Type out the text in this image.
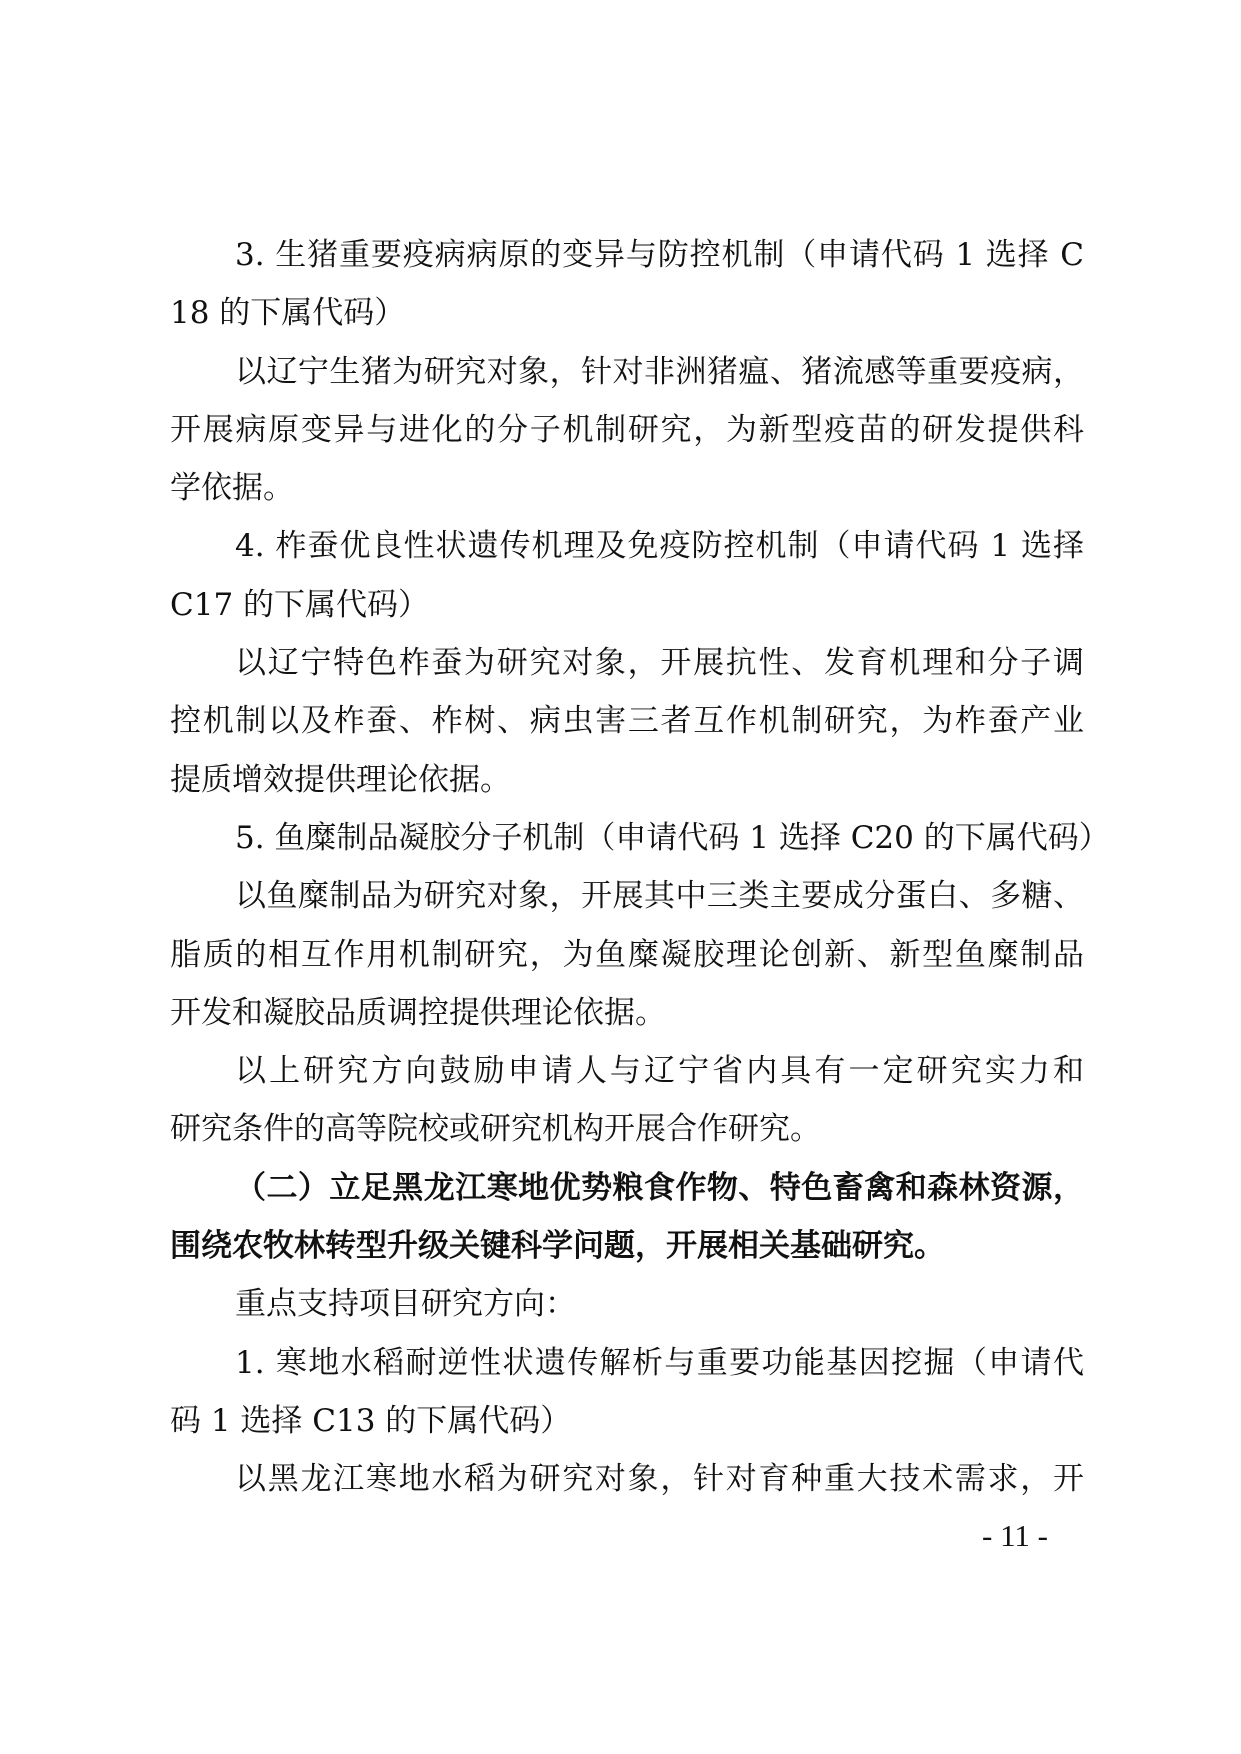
3. 生猪重要疫病病原的变异与防控机制（申请代码 1 选择 C
18 的下属代码）
以辽宁生猪为研究对象，针对非洲猪瘟、猪流感等重要疫病，
开展病原变异与进化的分子机制研究，为新型疫苗的研发提供科
学依据。
4. 柞蚕优良性状遗传机理及免疫防控机制（申请代码 1 选择
C17 的下属代码）
以辽宁特色柞蚕为研究对象，开展抗性、发育机理和分子调
控机制以及柞蚕、柞树、病虫害三者互作机制研究，为柞蚕产业
提质增效提供理论依据。
5. 鱼糜制品凝胶分子机制（申请代码 1 选择 C20 的下属代码）
以鱼糜制品为研究对象，开展其中三类主要成分蛋白、多糖、
脂质的相互作用机制研究，为鱼糜凝胶理论创新、新型鱼糜制品
开发和凝胶品质调控提供理论依据。
以上研究方向鼓励申请人与辽宁省内具有一定研究实力和
研究条件的高等院校或研究机构开展合作研究。
（二）立足黑龙江寒地优势粮食作物、特色畜禽和森林资源，
围绕农牧林转型升级关键科学问题，开展相关基础研究。
重点支持项目研究方向：
1. 寒地水稻耐逆性状遗传解析与重要功能基因挖掘（申请代
码 1 选择 C13 的下属代码）
以黑龙江寒地水稻为研究对象，针对育种重大技术需求，开
- 11 -
